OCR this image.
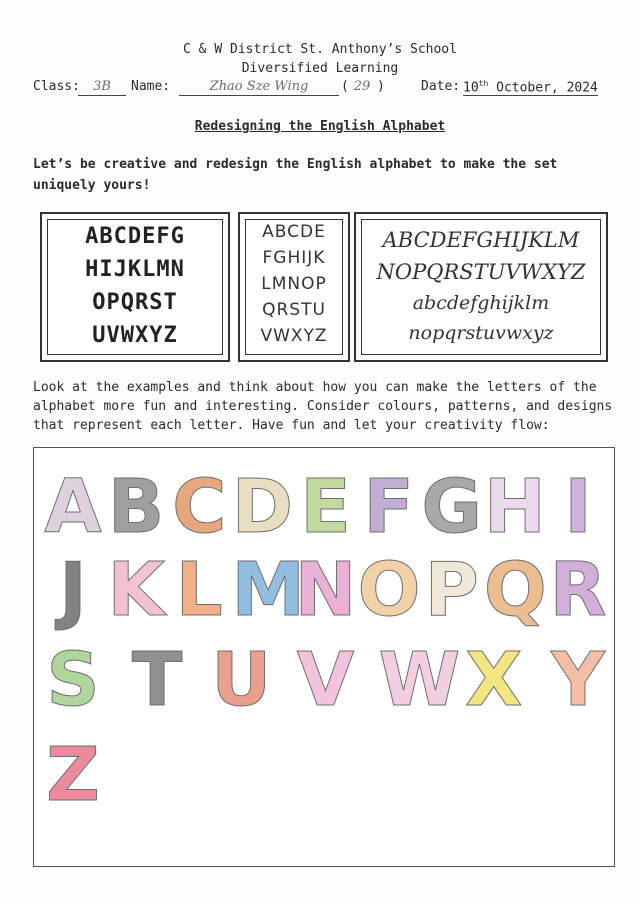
C & W District St. Anthony’s School
Diversified Learning
Class:	3B	Name:	Zhao Sze Wing	( 29 )	Date: 10th October, 2024
Redesigning the English Alphabet
Let’s be creative and redesign the English alphabet to make the set uniquely yours!
ABCDEFG
HIJKLMN
OPQRST
UVWXYZ
ABCDE
FGHIJK
LMNOP
QRSTU
VWXYZ
ABCDEFGHIJKLM
NOPQRSTUVWXYZ
abcdefghijklm
nopqrstuvwxyz
Look at the examples and think about how you can make the letters of the alphabet more fun and interesting. Consider colours, patterns, and designs that represent each letter. Have fun and let your creativity flow:
A B C D E F G H I
J K L M
N O P Q R
S T U V W X Y
Z
